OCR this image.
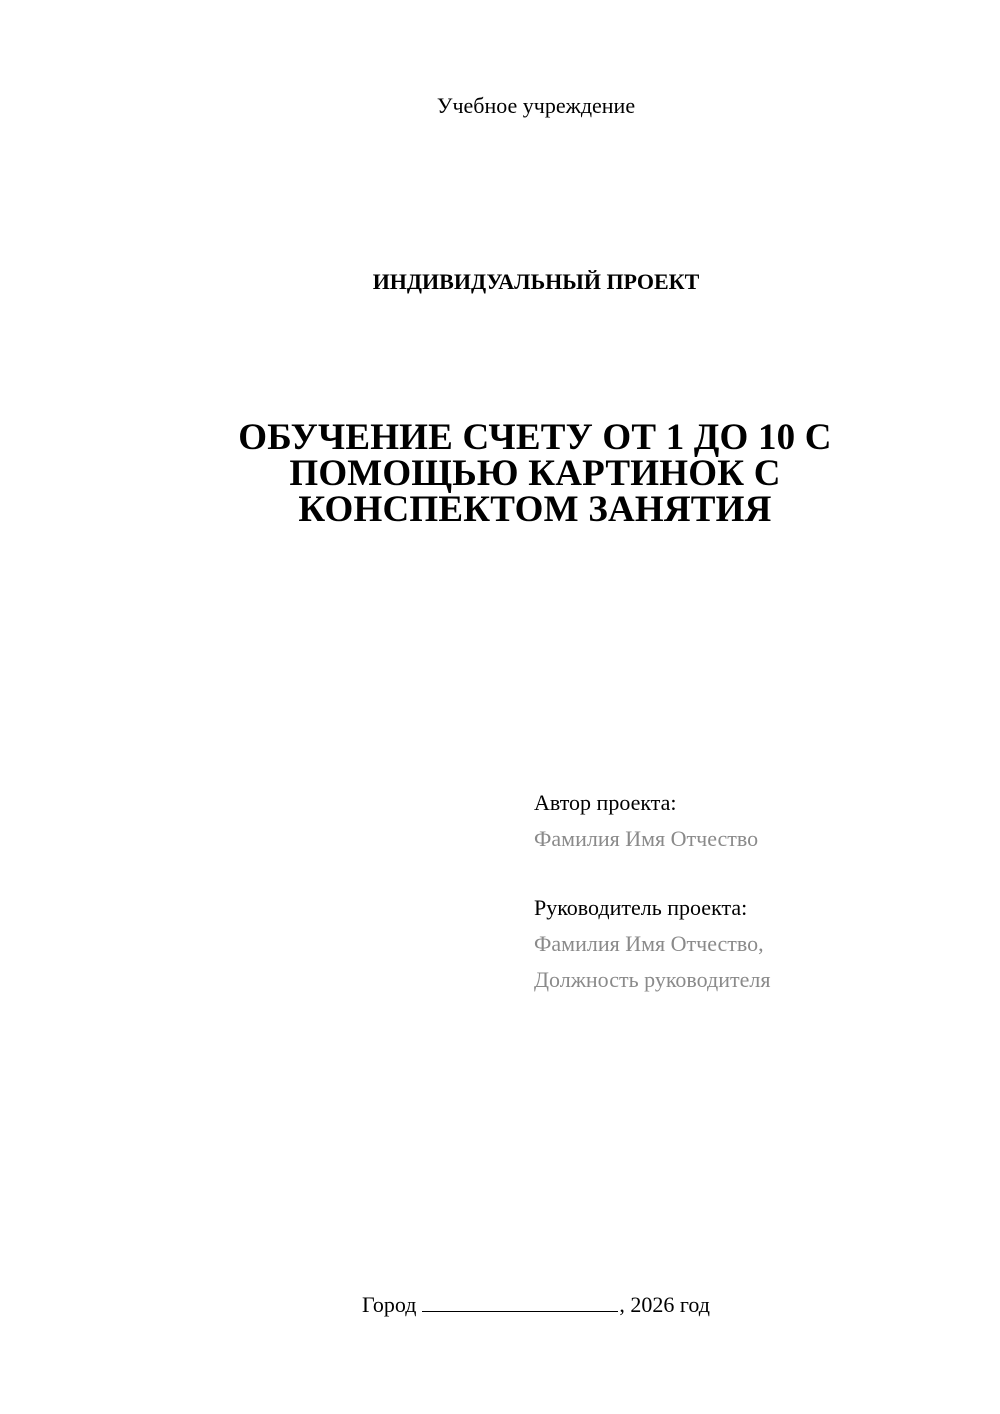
Учебное учреждение

ИНДИВИДУАЛЬНЫЙ ПРОЕКТ

ОБУЧЕНИЕ СЧЕТУ ОТ 1 ДО 10 С
ПОМОЩЬЮ КАРТИНОК С
КОНСПЕКТОМ ЗАНЯТИЯ
Автор проекта:
Фамилия Имя Отчество
Руководитель проекта:
Фамилия Имя Отчество,
Должность руководителя

Город	, 2026 год
